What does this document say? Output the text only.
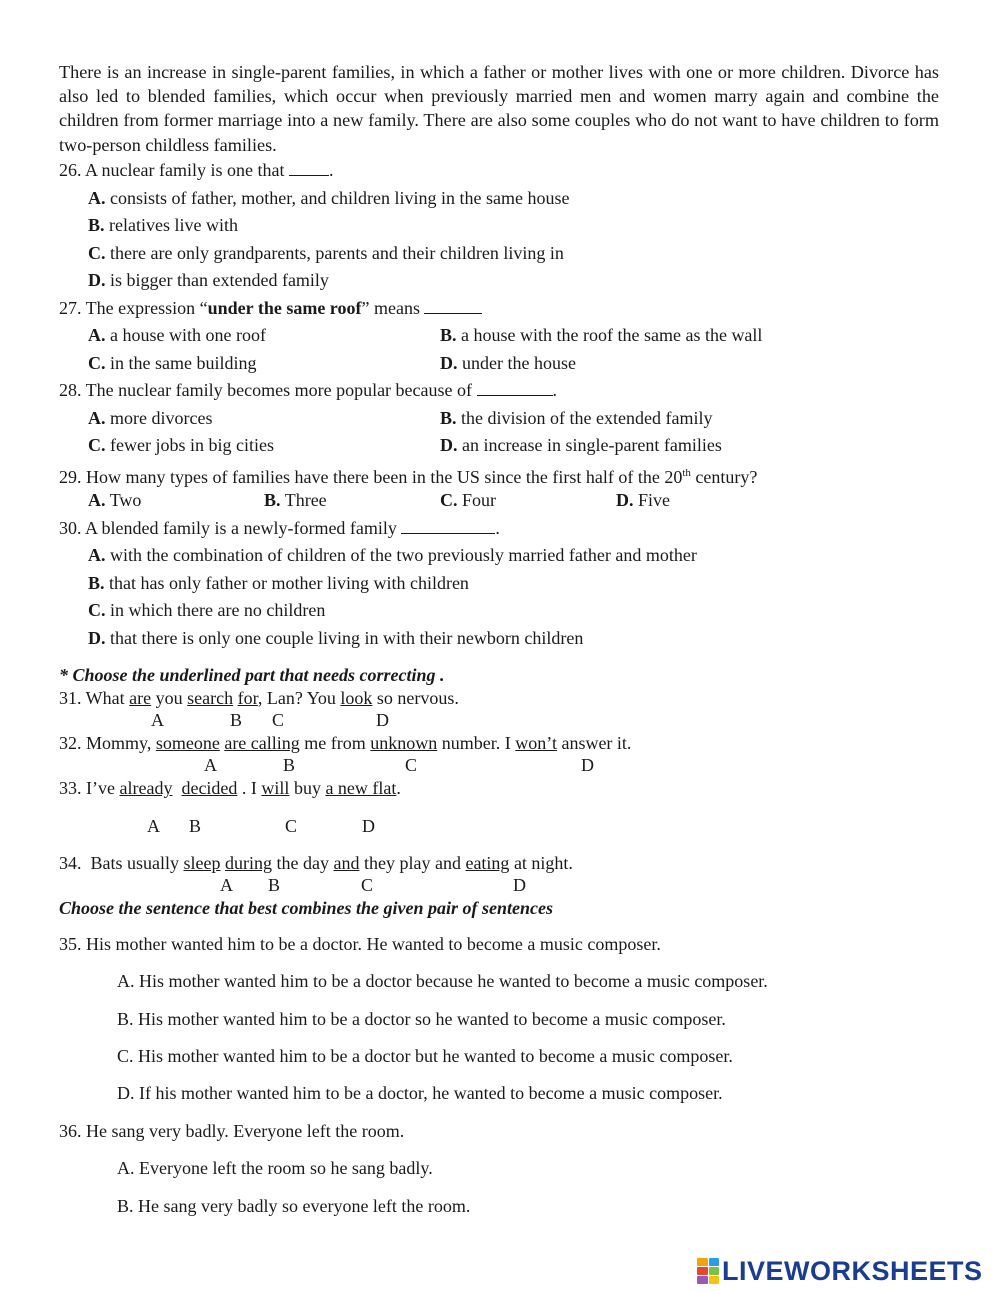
There is an increase in single-parent families, in which a father or mother lives with one or more children. Divorce has also led to blended families, which occur when previously married men and women marry again and combine the children from former marriage into a new family. There are also some couples who do not want to have children to form two-person childless families.
26. A nuclear family is one that .
A. consists of father, mother, and children living in the same house
B. relatives live with
C. there are only grandparents, parents and their children living in
D. is bigger than extended family
27. The expression “under the same roof” means
A. a house with one roof	B. a house with the roof the same as the wall
C. in the same building	D. under the house
28. The nuclear family becomes more popular because of	.
A. more divorces	B. the division of the extended family
C. fewer jobs in big cities	D. an increase in single-parent families
29. How many types of families have there been in the US since the first half of the 20th century?
A. Two	B. Three	C. Four	D. Five
30. A blended family is a newly-formed family	.
A. with the combination of children of the two previously married father and mother
B. that has only father or mother living with children
C. in which there are no children
D. that there is only one couple living in with their newborn children
* Choose the underlined part that needs correcting .
31. What are you search for, Lan? You look so nervous.
A	B C	D
32. Mommy, someone are calling me from unknown number. I won’t answer it.
A	B	C	D
33. I’ve already decided . I will buy a new flat.
A B	C	D
34.  Bats usually sleep during the day and they play and eating at night.
A B	C	D
Choose the sentence that best combines the given pair of sentences
35. His mother wanted him to be a doctor. He wanted to become a music composer.
A. His mother wanted him to be a doctor because he wanted to become a music composer.
B. His mother wanted him to be a doctor so he wanted to become a music composer.
C. His mother wanted him to be a doctor but he wanted to become a music composer.
D. If his mother wanted him to be a doctor, he wanted to become a music composer.
36. He sang very badly. Everyone left the room.
A. Everyone left the room so he sang badly.
B. He sang very badly so everyone left the room.
LIVEWORKSHEETS
